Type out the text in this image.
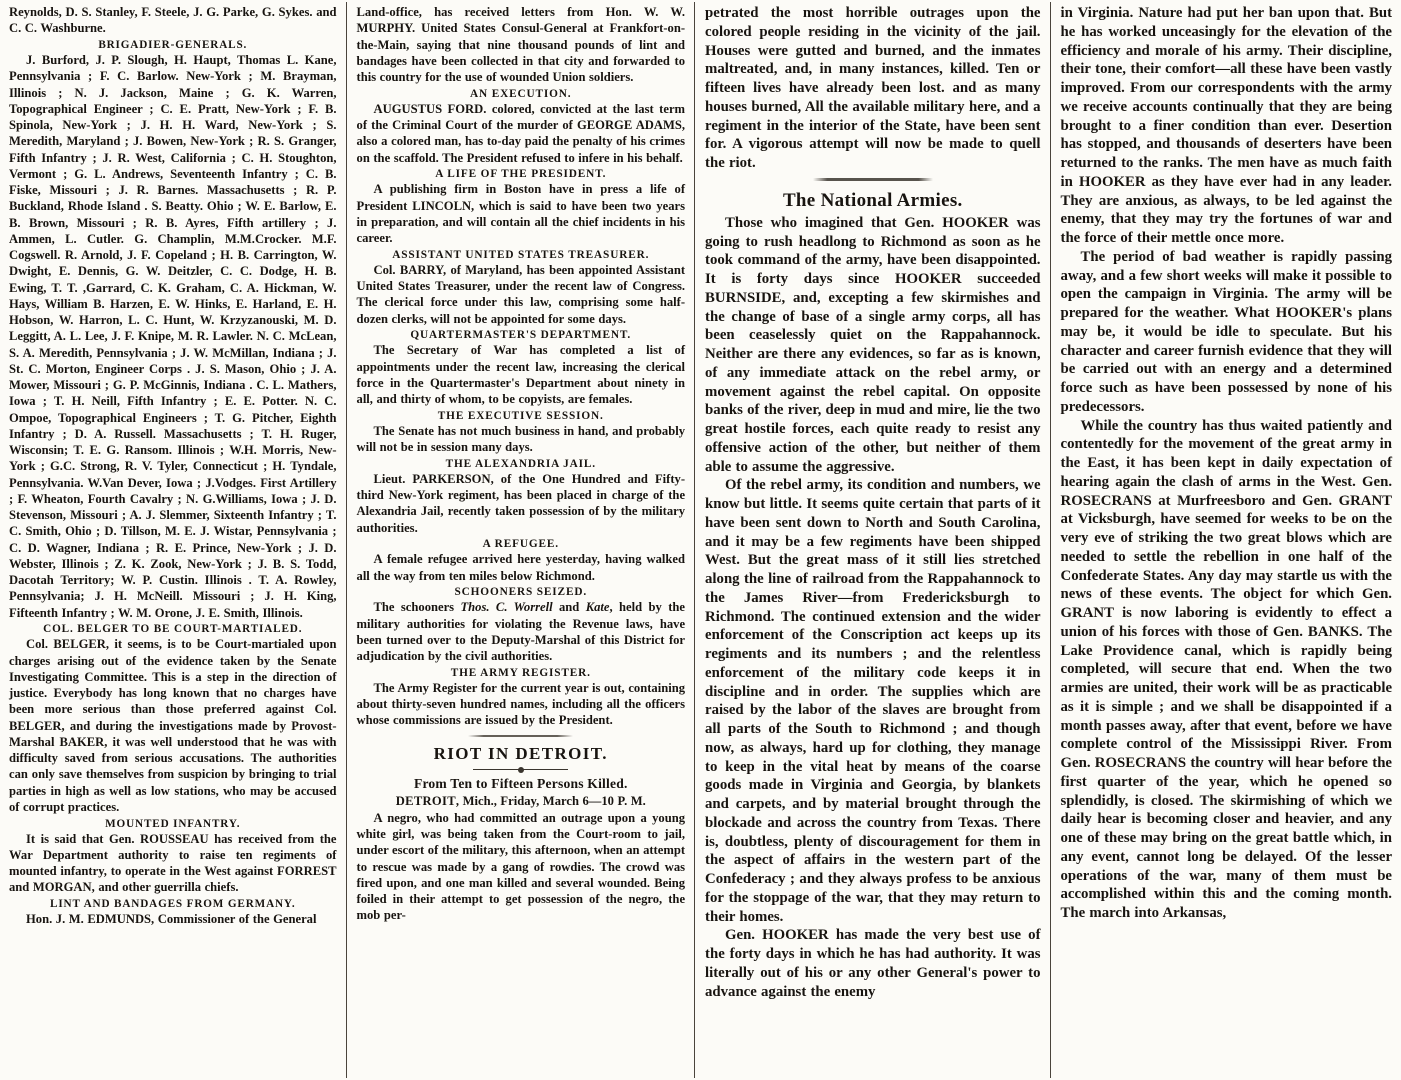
Reynolds, D. S. Stanley, F. Steele, J. G. Parke, G. Sykes. and C. C. Washburne.

BRIGADIER-GENERALS.

J. Burford, J. P. Slough, H. Haupt, Thomas L. Kane, Pennsylvania ; F. C. Barlow. New-York ; M. Brayman, Illinois ; N. J. Jackson, Maine ; G. K. Warren, Topographical Engineer ; C. E. Pratt, New-York ; F. B. Spinola, New-York ; J. H. H. Ward, New-York ; S. Meredith, Maryland ; J. Bowen, New-York ; R. S. Granger, Fifth Infantry ; J. R. West, California ; C. H. Stoughton, Vermont ; G. L. Andrews, Seventeenth Infantry ; C. B. Fiske, Missouri ; J. R. Barnes. Massachusetts ; R. P. Buckland, Rhode Island . S. Beatty. Ohio ; W. E. Barlow, E. B. Brown, Missouri ; R. B. Ayres, Fifth artillery ; J. Ammen, L. Cutler. G. Champlin, M.M.Crocker. M.F. Cogswell. R. Arnold, J. F. Copeland ; H. B. Carrington, W. Dwight, E. Dennis, G. W. Deitzler, C. C. Dodge, H. B. Ewing, T. T. ,Garrard, C. K. Graham, C. A. Hickman, W. Hays, William B. Harzen, E. W. Hinks, E. Harland, E. H. Hobson, W. Harron, L. C. Hunt, W. Krzyzanouski, M. D. Leggitt, A. L. Lee, J. F. Knipe, M. R. Lawler. N. C. McLean, S. A. Meredith, Pennsylvania ; J. W. McMillan, Indiana ; J. St. C. Morton, Engineer Corps . J. S. Mason, Ohio ; J. A. Mower, Missouri ; G. P. McGinnis, Indiana . C. L. Mathers, Iowa ; T. H. Neill, Fifth Infantry ; E. E. Potter. N. C. Ompoe, Topographical Engineers ; T. G. Pitcher, Eighth Infantry ; D. A. Russell. Massachusetts ; T. H. Ruger, Wisconsin; T. E. G. Ransom. Illinois ; W.H. Morris, New-York ; G.C. Strong, R. V. Tyler, Connecticut ; H. Tyndale, Pennsylvania. W.Van Dever, Iowa ; J.Vodges. First Artillery ; F. Wheaton, Fourth Cavalry ; N. G.Williams, Iowa ; J. D. Stevenson, Missouri ; A. J. Slemmer, Sixteenth Infantry ; T. C. Smith, Ohio ; D. Tillson, M. E. J. Wistar, Pennsylvania ; C. D. Wagner, Indiana ; R. E. Prince, New-York ; J. D. Webster, Illinois ; Z. K. Zook, New-York ; J. B. S. Todd, Dacotah Territory; W. P. Custin. Illinois . T. A. Rowley, Pennsylvania; J. H. McNeill. Missouri ; J. H. King, Fifteenth Infantry ; W. M. Orone, J. E. Smith, Illinois.

COL. BELGER TO BE COURT-MARTIALED.

Col. BELGER, it seems, is to be Court-martialed upon charges arising out of the evidence taken by the Senate Investigating Committee. This is a step in the direction of justice. Everybody has long known that no charges have been more serious than those preferred against Col. BELGER, and during the investigations made by Provost-Marshal BAKER, it was well understood that he was with difficulty saved from serious accusations. The authorities can only save themselves from suspicion by bringing to trial parties in high as well as low stations, who may be accused of corrupt practices.

MOUNTED INFANTRY.

It is said that Gen. ROUSSEAU has received from the War Department authority to raise ten regiments of mounted infantry, to operate in the West against FORREST and MORGAN, and other guerrilla chiefs.

LINT AND BANDAGES FROM GERMANY.

Hon. J. M. EDMUNDS, Commissioner of the General

Land-office, has received letters from Hon. W. W. MURPHY. United States Consul-General at Frankfort-on-the-Main, saying that nine thousand pounds of lint and bandages have been collected in that city and forwarded to this country for the use of wounded Union soldiers.

AN EXECUTION.

AUGUSTUS FORD. colored, convicted at the last term of the Criminal Court of the murder of GEORGE ADAMS, also a colored man, has to-day paid the penalty of his crimes on the scaffold. The President refused to infere in his behalf.

A LIFE OF THE PRESIDENT.

A publishing firm in Boston have in press a life of President LINCOLN, which is said to have been two years in preparation, and will contain all the chief incidents in his career.

ASSISTANT UNITED STATES TREASURER.

Col. BARRY, of Maryland, has been appointed Assistant United States Treasurer, under the recent law of Congress. The clerical force under this law, comprising some half-dozen clerks, will not be appointed for some days.

QUARTERMASTER'S DEPARTMENT.

The Secretary of War has completed a list of appointments under the recent law, increasing the clerical force in the Quartermaster's Department about ninety in all, and thirty of whom, to be copyists, are females.

THE EXECUTIVE SESSION.

The Senate has not much business in hand, and probably will not be in session many days.

THE ALEXANDRIA JAIL.

Lieut. PARKERSON, of the One Hundred and Fifty-third New-York regiment, has been placed in charge of the Alexandria Jail, recently taken possession of by the military authorities.

A REFUGEE.

A female refugee arrived here yesterday, having walked all the way from ten miles below Richmond.

SCHOONERS SEIZED.

The schooners Thos. C. Worrell and Kate, held by the military authorities for violating the Revenue laws, have been turned over to the Deputy-Marshal of this District for adjudication by the civil authorities.

THE ARMY REGISTER.

The Army Register for the current year is out, containing about thirty-seven hundred names, including all the officers whose commissions are issued by the President.

RIOT IN DETROIT.
From Ten to Fifteen Persons Killed.

DETROIT, Mich., Friday, March 6—10 P. M.

A negro, who had committed an outrage upon a young white girl, was being taken from the Court-room to jail, under escort of the military, this afternoon, when an attempt to rescue was made by a gang of rowdies. The crowd was fired upon, and one man killed and several wounded. Being foiled in their attempt to get possession of the negro, the mob per-

petrated the most horrible outrages upon the colored people residing in the vicinity of the jail. Houses were gutted and burned, and the inmates maltreated, and, in many instances, killed. Ten or fifteen lives have already been lost. and as many houses burned, All the available military here, and a regiment in the interior of the State, have been sent for. A vigorous attempt will now be made to quell the riot.

The National Armies.

Those who imagined that Gen. HOOKER was going to rush headlong to Richmond as soon as he took command of the army, have been disappointed. It is forty days since HOOKER succeeded BURNSIDE, and, excepting a few skirmishes and the change of base of a single army corps, all has been ceaselessly quiet on the Rappahannock. Neither are there any evidences, so far as is known, of any immediate attack on the rebel army, or movement against the rebel capital. On opposite banks of the river, deep in mud and mire, lie the two great hostile forces, each quite ready to resist any offensive action of the other, but neither of them able to assume the aggressive.

Of the rebel army, its condition and numbers, we know but little. It seems quite certain that parts of it have been sent down to North and South Carolina, and it may be a few regiments have been shipped West. But the great mass of it still lies stretched along the line of railroad from the Rappahannock to the James River—from Fredericksburgh to Richmond. The continued extension and the wider enforcement of the Conscription act keeps up its regiments and its numbers ; and the relentless enforcement of the military code keeps it in discipline and in order. The supplies which are raised by the labor of the slaves are brought from all parts of the South to Richmond ; and though now, as always, hard up for clothing, they manage to keep in the vital heat by means of the coarse goods made in Virginia and Georgia, by blankets and carpets, and by material brought through the blockade and across the country from Texas. There is, doubtless, plenty of discouragement for them in the aspect of affairs in the western part of the Confederacy ; and they always profess to be anxious for the stoppage of the war, that they may return to their homes.

Gen. HOOKER has made the very best use of the forty days in which he has had authority. It was literally out of his or any other General's power to advance against the enemy

in Virginia. Nature had put her ban upon that. But he has worked unceasingly for the elevation of the efficiency and morale of his army. Their discipline, their tone, their comfort—all these have been vastly improved. From our correspondents with the army we receive accounts continually that they are being brought to a finer condition than ever. Desertion has stopped, and thousands of deserters have been returned to the ranks. The men have as much faith in HOOKER as they have ever had in any leader. They are anxious, as always, to be led against the enemy, that they may try the fortunes of war and the force of their mettle once more.

The period of bad weather is rapidly passing away, and a few short weeks will make it possible to open the campaign in Virginia. The army will be prepared for the weather. What HOOKER's plans may be, it would be idle to speculate. But his character and career furnish evidence that they will be carried out with an energy and a determined force such as have been possessed by none of his predecessors.

While the country has thus waited patiently and contentedly for the movement of the great army in the East, it has been kept in daily expectation of hearing again the clash of arms in the West. Gen. ROSECRANS at Murfreesboro and Gen. GRANT at Vicksburgh, have seemed for weeks to be on the very eve of striking the two great blows which are needed to settle the rebellion in one half of the Confederate States. Any day may startle us with the news of these events. The object for which Gen. GRANT is now laboring is evidently to effect a union of his forces with those of Gen. BANKS. The Lake Providence canal, which is rapidly being completed, will secure that end. When the two armies are united, their work will be as practicable as it is simple ; and we shall be disappointed if a month passes away, after that event, before we have complete control of the Mississippi River. From Gen. ROSECRANS the country will hear before the first quarter of the year, which he opened so splendidly, is closed. The skirmishing of which we daily hear is becoming closer and heavier, and any one of these may bring on the great battle which, in any event, cannot long be delayed. Of the lesser operations of the war, many of them must be accomplished within this and the coming month. The march into Arkansas,
